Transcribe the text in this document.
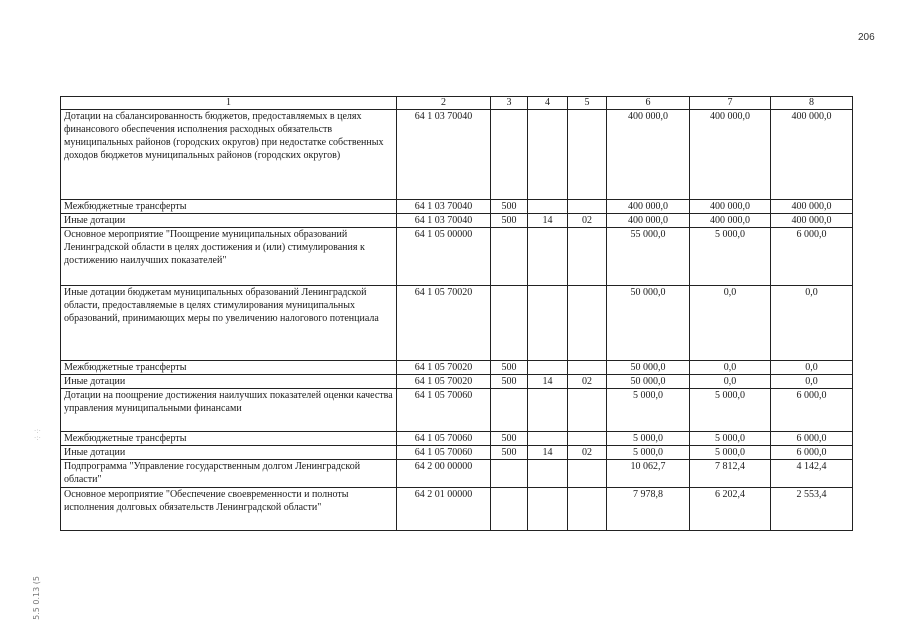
206
·:·
·:·
5.5 0.13 (5
1	2	3	4	5	6	7	8
Дотации на сбалансированность бюджетов, предоставляемых в целях финансового обеспечения исполнения расходных обязательств муниципальных районов (городских округов) при недостатке собственных доходов бюджетов муниципальных районов (городских округов)	64 1 03 70040				400 000,0	400 000,0	400 000,0
Межбюджетные трансферты	64 1 03 70040	500			400 000,0	400 000,0	400 000,0
Иные дотации	64 1 03 70040	500	14	02	400 000,0	400 000,0	400 000,0
Основное мероприятие "Поощрение муниципальных образований Ленинградской области в целях достижения и (или) стимулирования к достижению наилучших показателей"	64 1 05 00000				55 000,0	5 000,0	6 000,0
Иные дотации бюджетам муниципальных образований Ленинградской области, предоставляемые в целях стимулирования муниципальных образований, принимающих меры по увеличению налогового потенциала	64 1 05 70020				50 000,0	0,0	0,0
Межбюджетные трансферты	64 1 05 70020	500			50 000,0	0,0	0,0
Иные дотации	64 1 05 70020	500	14	02	50 000,0	0,0	0,0
Дотации на поощрение достижения наилучших показателей оценки качества управления муниципальными финансами	64 1 05 70060				5 000,0	5 000,0	6 000,0
Межбюджетные трансферты	64 1 05 70060	500			5 000,0	5 000,0	6 000,0
Иные дотации	64 1 05 70060	500	14	02	5 000,0	5 000,0	6 000,0
Подпрограмма "Управление государственным долгом Ленинградской области"	64 2 00 00000				10 062,7	7 812,4	4 142,4
Основное мероприятие "Обеспечение своевременности и полноты исполнения долговых обязательств Ленинградской области"	64 2 01 00000				7 978,8	6 202,4	2 553,4
